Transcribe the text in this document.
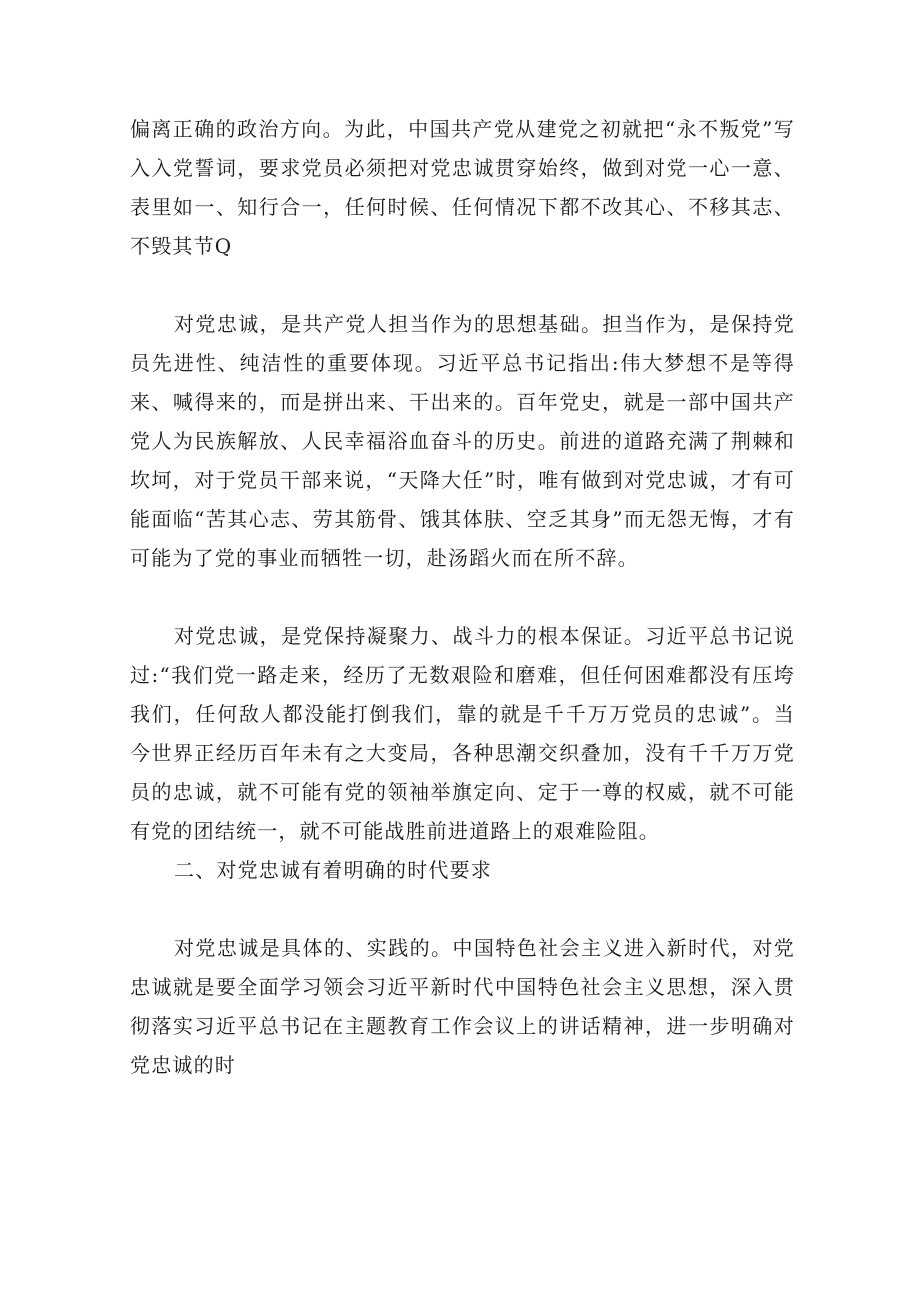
偏离正确的政治方向。为此，中国共产党从建党之初就把“永不叛党”写入入党誓词，要求党员必须把对党忠诚贯穿始终，做到对党一心一意、表里如一、知行合一，任何时候、任何情况下都不改其心、不移其志、不毁其节Q

对党忠诚，是共产党人担当作为的思想基础。担当作为，是保持党员先进性、纯洁性的重要体现。习近平总书记指出:伟大梦想不是等得来、喊得来的，而是拼出来、干出来的。百年党史，就是一部中国共产党人为民族解放、人民幸福浴血奋斗的历史。前进的道路充满了荆棘和坎坷，对于党员干部来说，“天降大任”时，唯有做到对党忠诚，才有可能面临“苦其心志、劳其筋骨、饿其体肤、空乏其身”而无怨无悔，才有可能为了党的事业而牺牲一切，赴汤蹈火而在所不辞。

对党忠诚，是党保持凝聚力、战斗力的根本保证。习近平总书记说过:“我们党一路走来，经历了无数艰险和磨难，但任何困难都没有压垮我们，任何敌人都没能打倒我们，靠的就是千千万万党员的忠诚”。当今世界正经历百年未有之大变局，各种思潮交织叠加，没有千千万万党员的忠诚，就不可能有党的领袖举旗定向、定于一尊的权威，就不可能有党的团结统一，就不可能战胜前进道路上的艰难险阻。

二、对党忠诚有着明确的时代要求

对党忠诚是具体的、实践的。中国特色社会主义进入新时代，对党忠诚就是要全面学习领会习近平新时代中国特色社会主义思想，深入贯彻落实习近平总书记在主题教育工作会议上的讲话精神，进一步明确对党忠诚的时
